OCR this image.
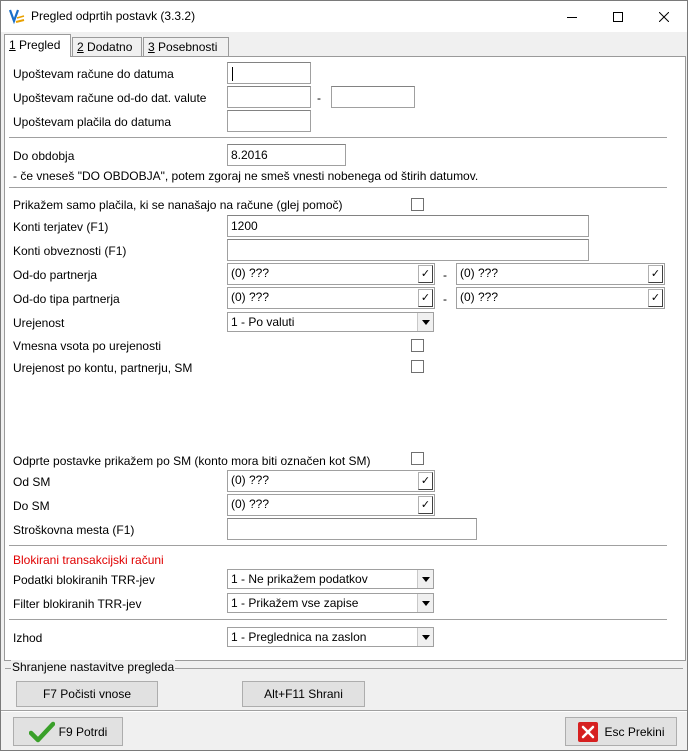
Pregled odprtih postavk (3.3.2)
1 Pregled	2 Dodatno	3 Posebnosti
Upoštevam račune do datuma
Upoštevam račune od-do dat. valute	-
Upoštevam plačila do datuma
Do obdobja	8.2016
- če vneseš "DO OBDOBJA", potem zgoraj ne smeš vnesti nobenega od štirih datumov.
Prikažem samo plačila, ki se nanašajo na račune (glej pomoč)
Konti terjatev (F1)	1200
Konti obveznosti (F1)
Od-do partnerja	(0) ???	✓ -	(0) ???	✓
Od-do tipa partnerja	(0) ???	✓ -	(0) ???	✓
Urejenost	1 - Po valuti
Vmesna vsota po urejenosti
Urejenost po kontu, partnerju, SM
Odprte postavke prikažem po SM (konto mora biti označen kot SM)
Od SM	(0) ???	✓
Do SM	(0) ???	✓
Stroškovna mesta (F1)
Blokirani transakcijski računi
Podatki blokiranih TRR-jev	1 - Ne prikažem podatkov
Filter blokiranih TRR-jev	1 - Prikažem vse zapise
Izhod	1 - Preglednica na zaslon
Shranjene nastavitve pregleda
F7 Počisti vnose	Alt+F11 Shrani
F9 Potrdi	Esc Prekini
